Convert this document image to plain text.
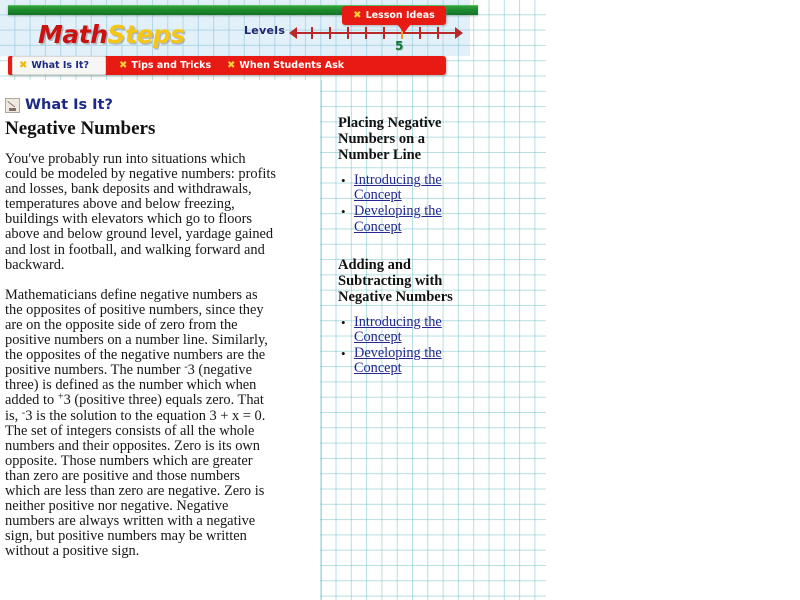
MathSteps	Levels
5
✖ What Is It?	✖ Tips and Tricks ✖ When Students Ask
✖ Lesson Ideas
What Is It?
Negative Numbers

You've probably run into situations which could be modeled by negative numbers: profits and losses, bank deposits and withdrawals, temperatures above and below freezing, buildings with elevators which go to floors above and below ground level, yardage gained and lost in football, and walking forward and backward.

Mathematicians define negative numbers as the opposites of positive numbers, since they are on the opposite side of zero from the positive numbers on a number line. Similarly, the opposites of the negative numbers are the positive numbers. The number -3 (negative three) is defined as the number which when added to +3 (positive three) equals zero. That is, -3 is the solution to the equation 3 + x = 0. The set of integers consists of all the whole numbers and their opposites. Zero is its own opposite. Those numbers which are greater than zero are positive and those numbers which are less than zero are negative. Zero is neither positive nor negative. Negative numbers are always written with a negative sign, but positive numbers may be written without a positive sign.

Placing Negative Numbers on a Number Line
• Introducing the Concept
• Developing the Concept
Adding and Subtracting with Negative Numbers
• Introducing the Concept
• Developing the Concept
